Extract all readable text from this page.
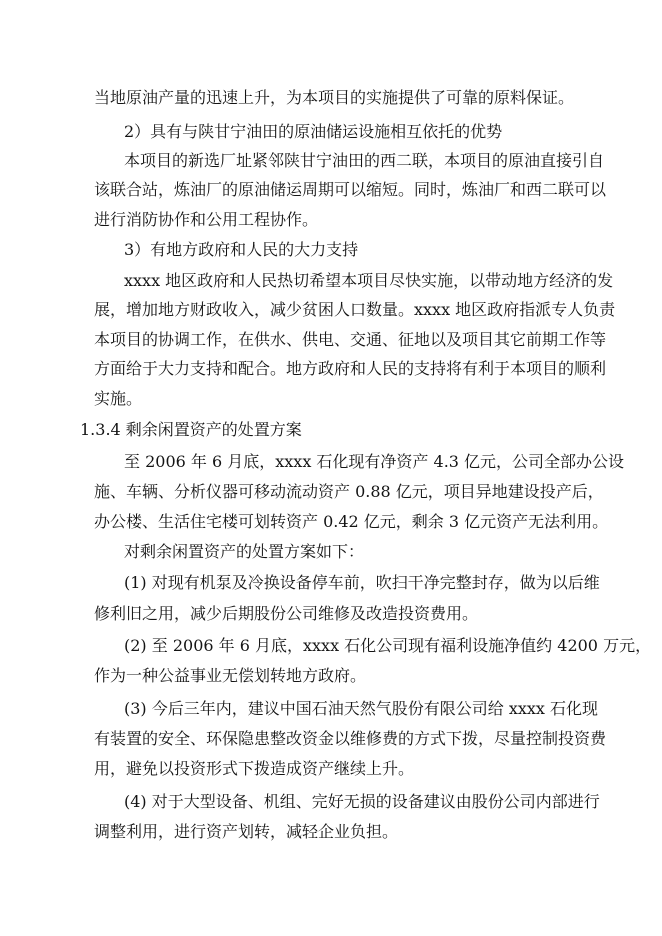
当地原油产量的迅速上升，为本项目的实施提供了可靠的原料保证。
2）具有与陕甘宁油田的原油储运设施相互依托的优势
本项目的新选厂址紧邻陕甘宁油田的西二联，本项目的原油直接引自
该联合站，炼油厂的原油储运周期可以缩短。同时，炼油厂和西二联可以
进行消防协作和公用工程协作。
3）有地方政府和人民的大力支持
xxxx 地区政府和人民热切希望本项目尽快实施，以带动地方经济的发
展，增加地方财政收入，减少贫困人口数量。xxxx 地区政府指派专人负责
本项目的协调工作，在供水、供电、交通、征地以及项目其它前期工作等
方面给于大力支持和配合。地方政府和人民的支持将有利于本项目的顺利
实施。
1.3.4 剩余闲置资产的处置方案
至 2006 年 6 月底，xxxx 石化现有净资产 4.3 亿元，公司全部办公设
施、车辆、分析仪器可移动流动资产 0.88 亿元，项目异地建设投产后，
办公楼、生活住宅楼可划转资产 0.42 亿元，剩余 3 亿元资产无法利用。
对剩余闲置资产的处置方案如下：
(1) 对现有机泵及冷换设备停车前，吹扫干净完整封存，做为以后维
修利旧之用，减少后期股份公司维修及改造投资费用。
(2) 至 2006 年 6 月底，xxxx 石化公司现有福利设施净值约 4200 万元，
作为一种公益事业无偿划转地方政府。
(3) 今后三年内，建议中国石油天然气股份有限公司给 xxxx 石化现
有装置的安全、环保隐患整改资金以维修费的方式下拨，尽量控制投资费
用，避免以投资形式下拨造成资产继续上升。
(4) 对于大型设备、机组、完好无损的设备建议由股份公司内部进行
调整利用，进行资产划转，减轻企业负担。
